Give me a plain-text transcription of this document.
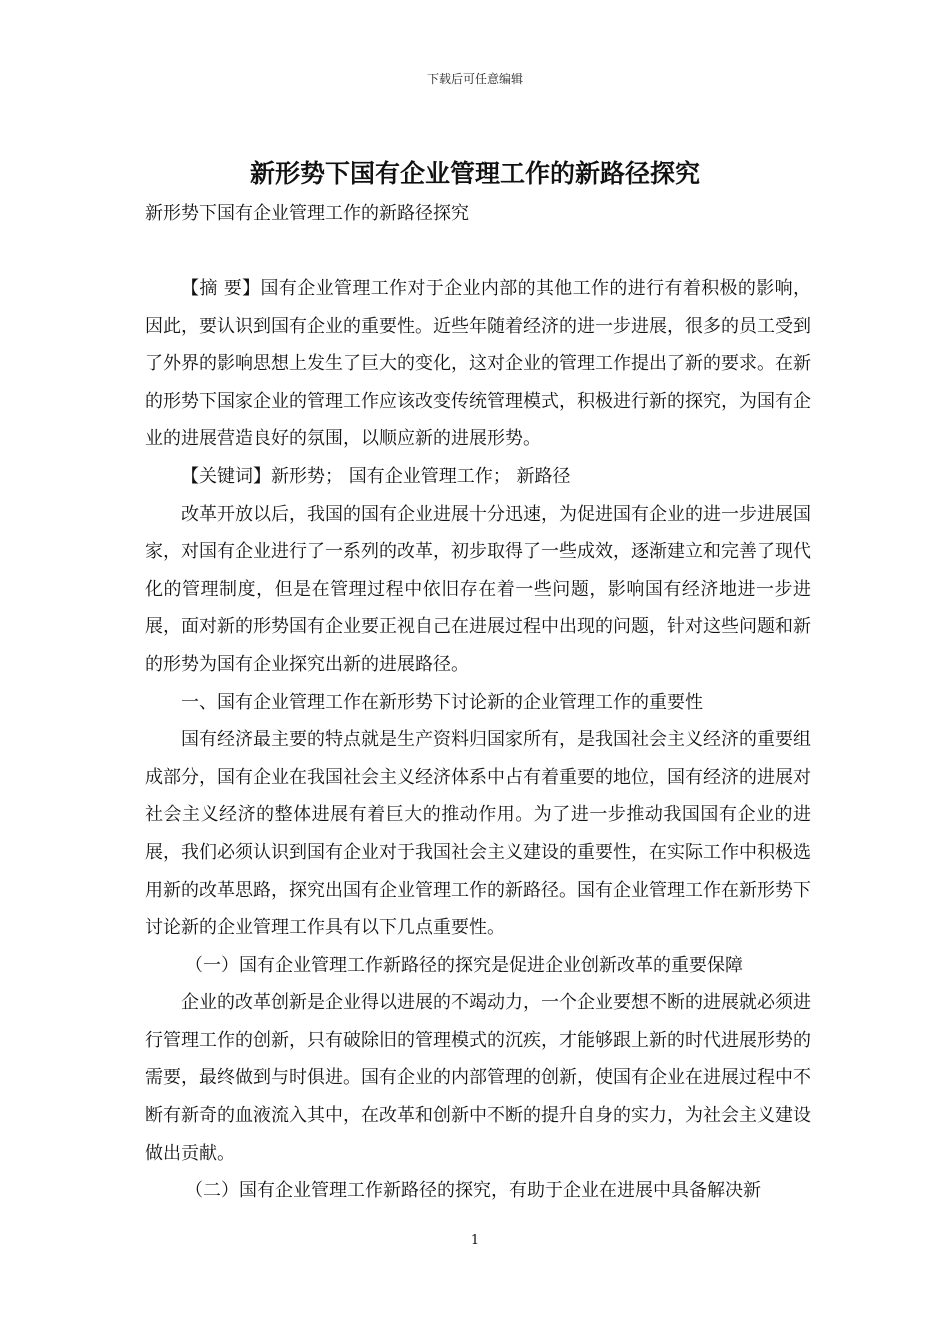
下载后可任意编辑
新形势下国有企业管理工作的新路径探究

新形势下国有企业管理工作的新路径探究

【摘 要】国有企业管理工作对于企业内部的其他工作的进行有着积极的影响，因此，要认识到国有企业的重要性。近些年随着经济的进一步进展，很多的员工受到了外界的影响思想上发生了巨大的变化，这对企业的管理工作提出了新的要求。在新的形势下国家企业的管理工作应该改变传统管理模式，积极进行新的探究，为国有企业的进展营造良好的氛围，以顺应新的进展形势。

【关键词】新形势； 国有企业管理工作； 新路径

改革开放以后，我国的国有企业进展十分迅速，为促进国有企业的进一步进展国家，对国有企业进行了一系列的改革，初步取得了一些成效，逐渐建立和完善了现代化的管理制度，但是在管理过程中依旧存在着一些问题，影响国有经济地进一步进展，面对新的形势国有企业要正视自己在进展过程中出现的问题，针对这些问题和新的形势为国有企业探究出新的进展路径。

一、国有企业管理工作在新形势下讨论新的企业管理工作的重要性

国有经济最主要的特点就是生产资料归国家所有，是我国社会主义经济的重要组成部分，国有企业在我国社会主义经济体系中占有着重要的地位，国有经济的进展对社会主义经济的整体进展有着巨大的推动作用。为了进一步推动我国国有企业的进展，我们必须认识到国有企业对于我国社会主义建设的重要性，在实际工作中积极选用新的改革思路，探究出国有企业管理工作的新路径。国有企业管理工作在新形势下讨论新的企业管理工作具有以下几点重要性。

（一）国有企业管理工作新路径的探究是促进企业创新改革的重要保障

企业的改革创新是企业得以进展的不竭动力，一个企业要想不断的进展就必须进行管理工作的创新，只有破除旧的管理模式的沉疾，才能够跟上新的时代进展形势的需要，最终做到与时俱进。国有企业的内部管理的创新，使国有企业在进展过程中不断有新奇的血液流入其中，在改革和创新中不断的提升自身的实力，为社会主义建设做出贡献。

（二）国有企业管理工作新路径的探究，有助于企业在进展中具备解决新

1
